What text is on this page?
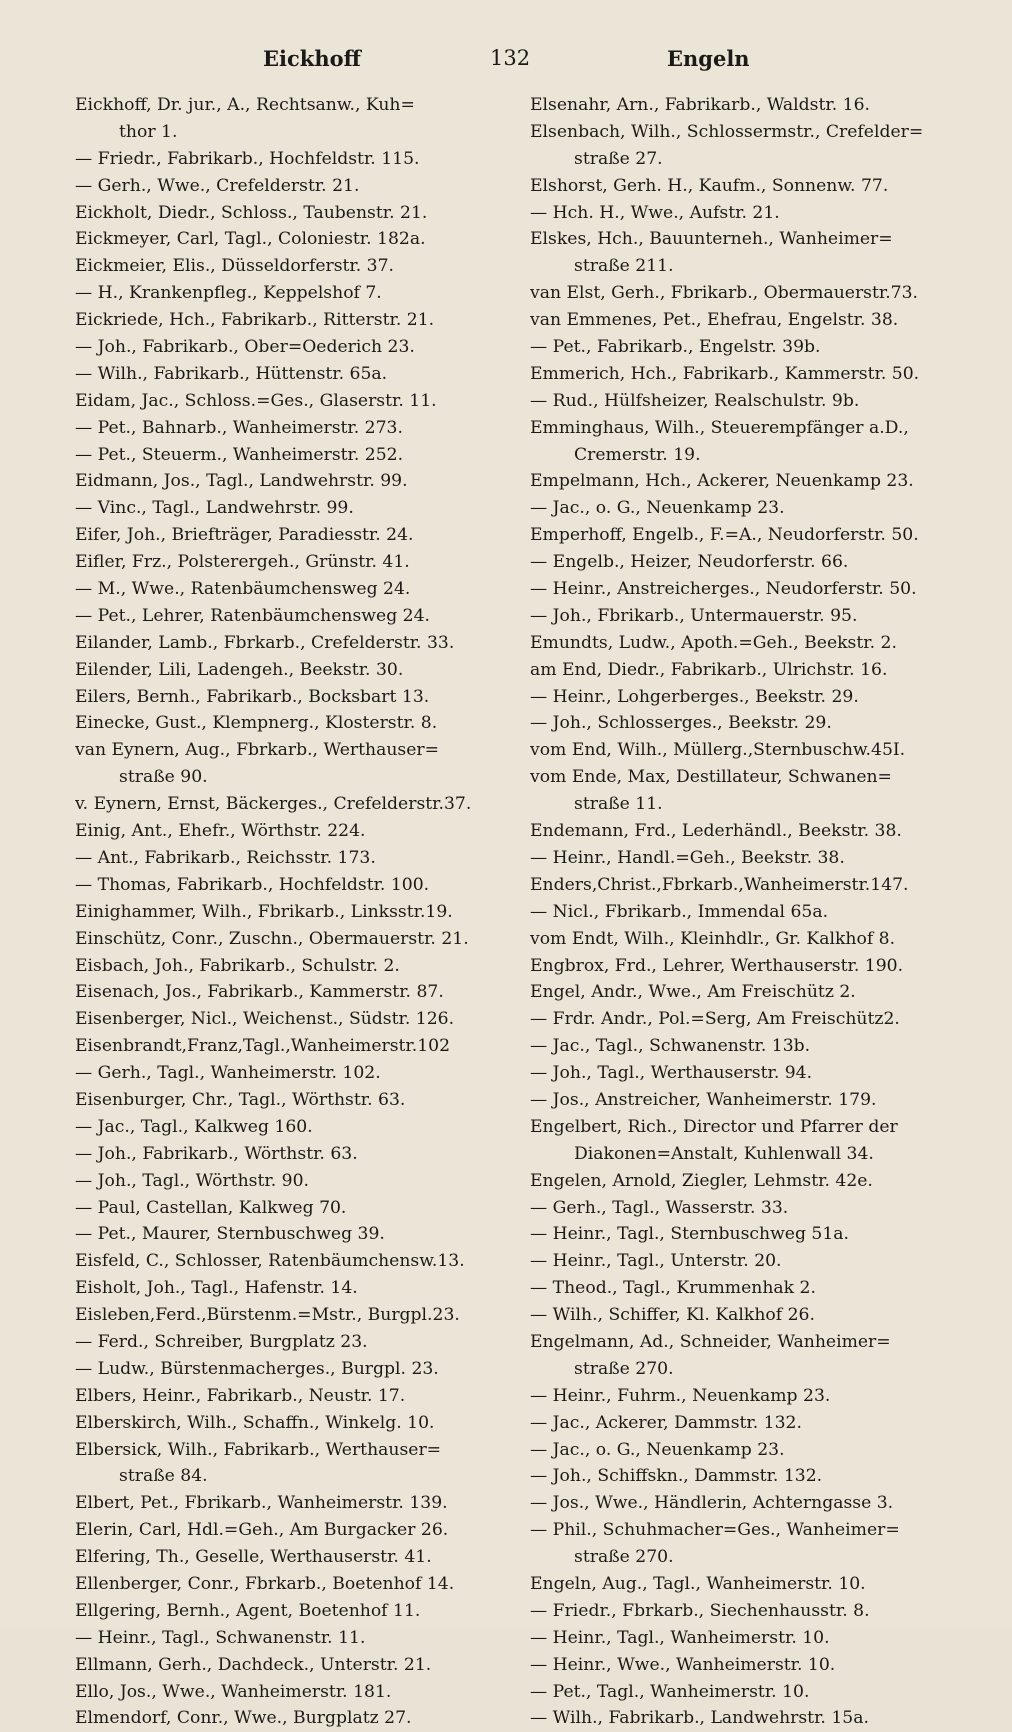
Eickhoff	132	Engeln
Eickhoff, Dr. jur., A., Rechtsanw., Kuh=
thor 1.
— Friedr., Fabrikarb., Hochfeldstr. 115.
— Gerh., Wwe., Crefelderstr. 21.
Eickholt, Diedr., Schloss., Taubenstr. 21.
Eickmeyer, Carl, Tagl., Coloniestr. 182a.
Eickmeier, Elis., Düsseldorferstr. 37.
— H., Krankenpfleg., Keppelshof 7.
Eickriede, Hch., Fabrikarb., Ritterstr. 21.
— Joh., Fabrikarb., Ober=Oederich 23.
— Wilh., Fabrikarb., Hüttenstr. 65a.
Eidam, Jac., Schloss.=Ges., Glaserstr. 11.
— Pet., Bahnarb., Wanheimerstr. 273.
— Pet., Steuerm., Wanheimerstr. 252.
Eidmann, Jos., Tagl., Landwehrstr. 99.
— Vinc., Tagl., Landwehrstr. 99.
Eifer, Joh., Briefträger, Paradiesstr. 24.
Eifler, Frz., Polsterergeh., Grünstr. 41.
— M., Wwe., Ratenbäumchensweg 24.
— Pet., Lehrer, Ratenbäumchensweg 24.
Eilander, Lamb., Fbrkarb., Crefelderstr. 33.
Eilender, Lili, Ladengeh., Beekstr. 30.
Eilers, Bernh., Fabrikarb., Bocksbart 13.
Einecke, Gust., Klempnerg., Klosterstr. 8.
van Eynern, Aug., Fbrkarb., Werthauser=
straße 90.
v. Eynern, Ernst, Bäckerges., Crefelderstr.37.
Einig, Ant., Ehefr., Wörthstr. 224.
— Ant., Fabrikarb., Reichsstr. 173.
— Thomas, Fabrikarb., Hochfeldstr. 100.
Einighammer, Wilh., Fbrikarb., Linksstr.19.
Einschütz, Conr., Zuschn., Obermauerstr. 21.
Eisbach, Joh., Fabrikarb., Schulstr. 2.
Eisenach, Jos., Fabrikarb., Kammerstr. 87.
Eisenberger, Nicl., Weichenst., Südstr. 126.
Eisenbrandt,Franz,Tagl.,Wanheimerstr.102
— Gerh., Tagl., Wanheimerstr. 102.
Eisenburger, Chr., Tagl., Wörthstr. 63.
— Jac., Tagl., Kalkweg 160.
— Joh., Fabrikarb., Wörthstr. 63.
— Joh., Tagl., Wörthstr. 90.
— Paul, Castellan, Kalkweg 70.
— Pet., Maurer, Sternbuschweg 39.
Eisfeld, C., Schlosser, Ratenbäumchensw.13.
Eisholt, Joh., Tagl., Hafenstr. 14.
Eisleben,Ferd.,Bürstenm.=Mstr., Burgpl.23.
— Ferd., Schreiber, Burgplatz 23.
— Ludw., Bürstenmacherges., Burgpl. 23.
Elbers, Heinr., Fabrikarb., Neustr. 17.
Elberskirch, Wilh., Schaffn., Winkelg. 10.
Elbersick, Wilh., Fabrikarb., Werthauser=
straße 84.
Elbert, Pet., Fbrikarb., Wanheimerstr. 139.
Elerin, Carl, Hdl.=Geh., Am Burgacker 26.
Elfering, Th., Geselle, Werthauserstr. 41.
Ellenberger, Conr., Fbrkarb., Boetenhof 14.
Ellgering, Bernh., Agent, Boetenhof 11.
— Heinr., Tagl., Schwanenstr. 11.
Ellmann, Gerh., Dachdeck., Unterstr. 21.
Ello, Jos., Wwe., Wanheimerstr. 181.
Elmendorf, Conr., Wwe., Burgplatz 27.
Elsenahr, Arn., Fabrikarb., Waldstr. 16.
Elsenbach, Wilh., Schlossermstr., Crefelder=
straße 27.
Elshorst, Gerh. H., Kaufm., Sonnenw. 77.
— Hch. H., Wwe., Aufstr. 21.
Elskes, Hch., Bauunterneh., Wanheimer=
straße 211.
van Elst, Gerh., Fbrikarb., Obermauerstr.73.
van Emmenes, Pet., Ehefrau, Engelstr. 38.
— Pet., Fabrikarb., Engelstr. 39b.
Emmerich, Hch., Fabrikarb., Kammerstr. 50.
— Rud., Hülfsheizer, Realschulstr. 9b.
Emminghaus, Wilh., Steuerempfänger a.D.,
Cremerstr. 19.
Empelmann, Hch., Ackerer, Neuenkamp 23.
— Jac., o. G., Neuenkamp 23.
Emperhoff, Engelb., F.=A., Neudorferstr. 50.
— Engelb., Heizer, Neudorferstr. 66.
— Heinr., Anstreicherges., Neudorferstr. 50.
— Joh., Fbrikarb., Untermauerstr. 95.
Emundts, Ludw., Apoth.=Geh., Beekstr. 2.
am End, Diedr., Fabrikarb., Ulrichstr. 16.
— Heinr., Lohgerberges., Beekstr. 29.
— Joh., Schlosserges., Beekstr. 29.
vom End, Wilh., Müllerg.,Sternbuschw.45I.
vom Ende, Max, Destillateur, Schwanen=
straße 11.
Endemann, Frd., Lederhändl., Beekstr. 38.
— Heinr., Handl.=Geh., Beekstr. 38.
Enders,Christ.,Fbrkarb.,Wanheimerstr.147.
— Nicl., Fbrikarb., Immendal 65a.
vom Endt, Wilh., Kleinhdlr., Gr. Kalkhof 8.
Engbrox, Frd., Lehrer, Werthauserstr. 190.
Engel, Andr., Wwe., Am Freischütz 2.
— Frdr. Andr., Pol.=Serg, Am Freischütz2.
— Jac., Tagl., Schwanenstr. 13b.
— Joh., Tagl., Werthauserstr. 94.
— Jos., Anstreicher, Wanheimerstr. 179.
Engelbert, Rich., Director und Pfarrer der
Diakonen=Anstalt, Kuhlenwall 34.
Engelen, Arnold, Ziegler, Lehmstr. 42e.
— Gerh., Tagl., Wasserstr. 33.
— Heinr., Tagl., Sternbuschweg 51a.
— Heinr., Tagl., Unterstr. 20.
— Theod., Tagl., Krummenhak 2.
— Wilh., Schiffer, Kl. Kalkhof 26.
Engelmann, Ad., Schneider, Wanheimer=
straße 270.
— Heinr., Fuhrm., Neuenkamp 23.
— Jac., Ackerer, Dammstr. 132.
— Jac., o. G., Neuenkamp 23.
— Joh., Schiffskn., Dammstr. 132.
— Jos., Wwe., Händlerin, Achterngasse 3.
— Phil., Schuhmacher=Ges., Wanheimer=
straße 270.
Engeln, Aug., Tagl., Wanheimerstr. 10.
— Friedr., Fbrkarb., Siechenhausstr. 8.
— Heinr., Tagl., Wanheimerstr. 10.
— Heinr., Wwe., Wanheimerstr. 10.
— Pet., Tagl., Wanheimerstr. 10.
— Wilh., Fabrikarb., Landwehrstr. 15a.
